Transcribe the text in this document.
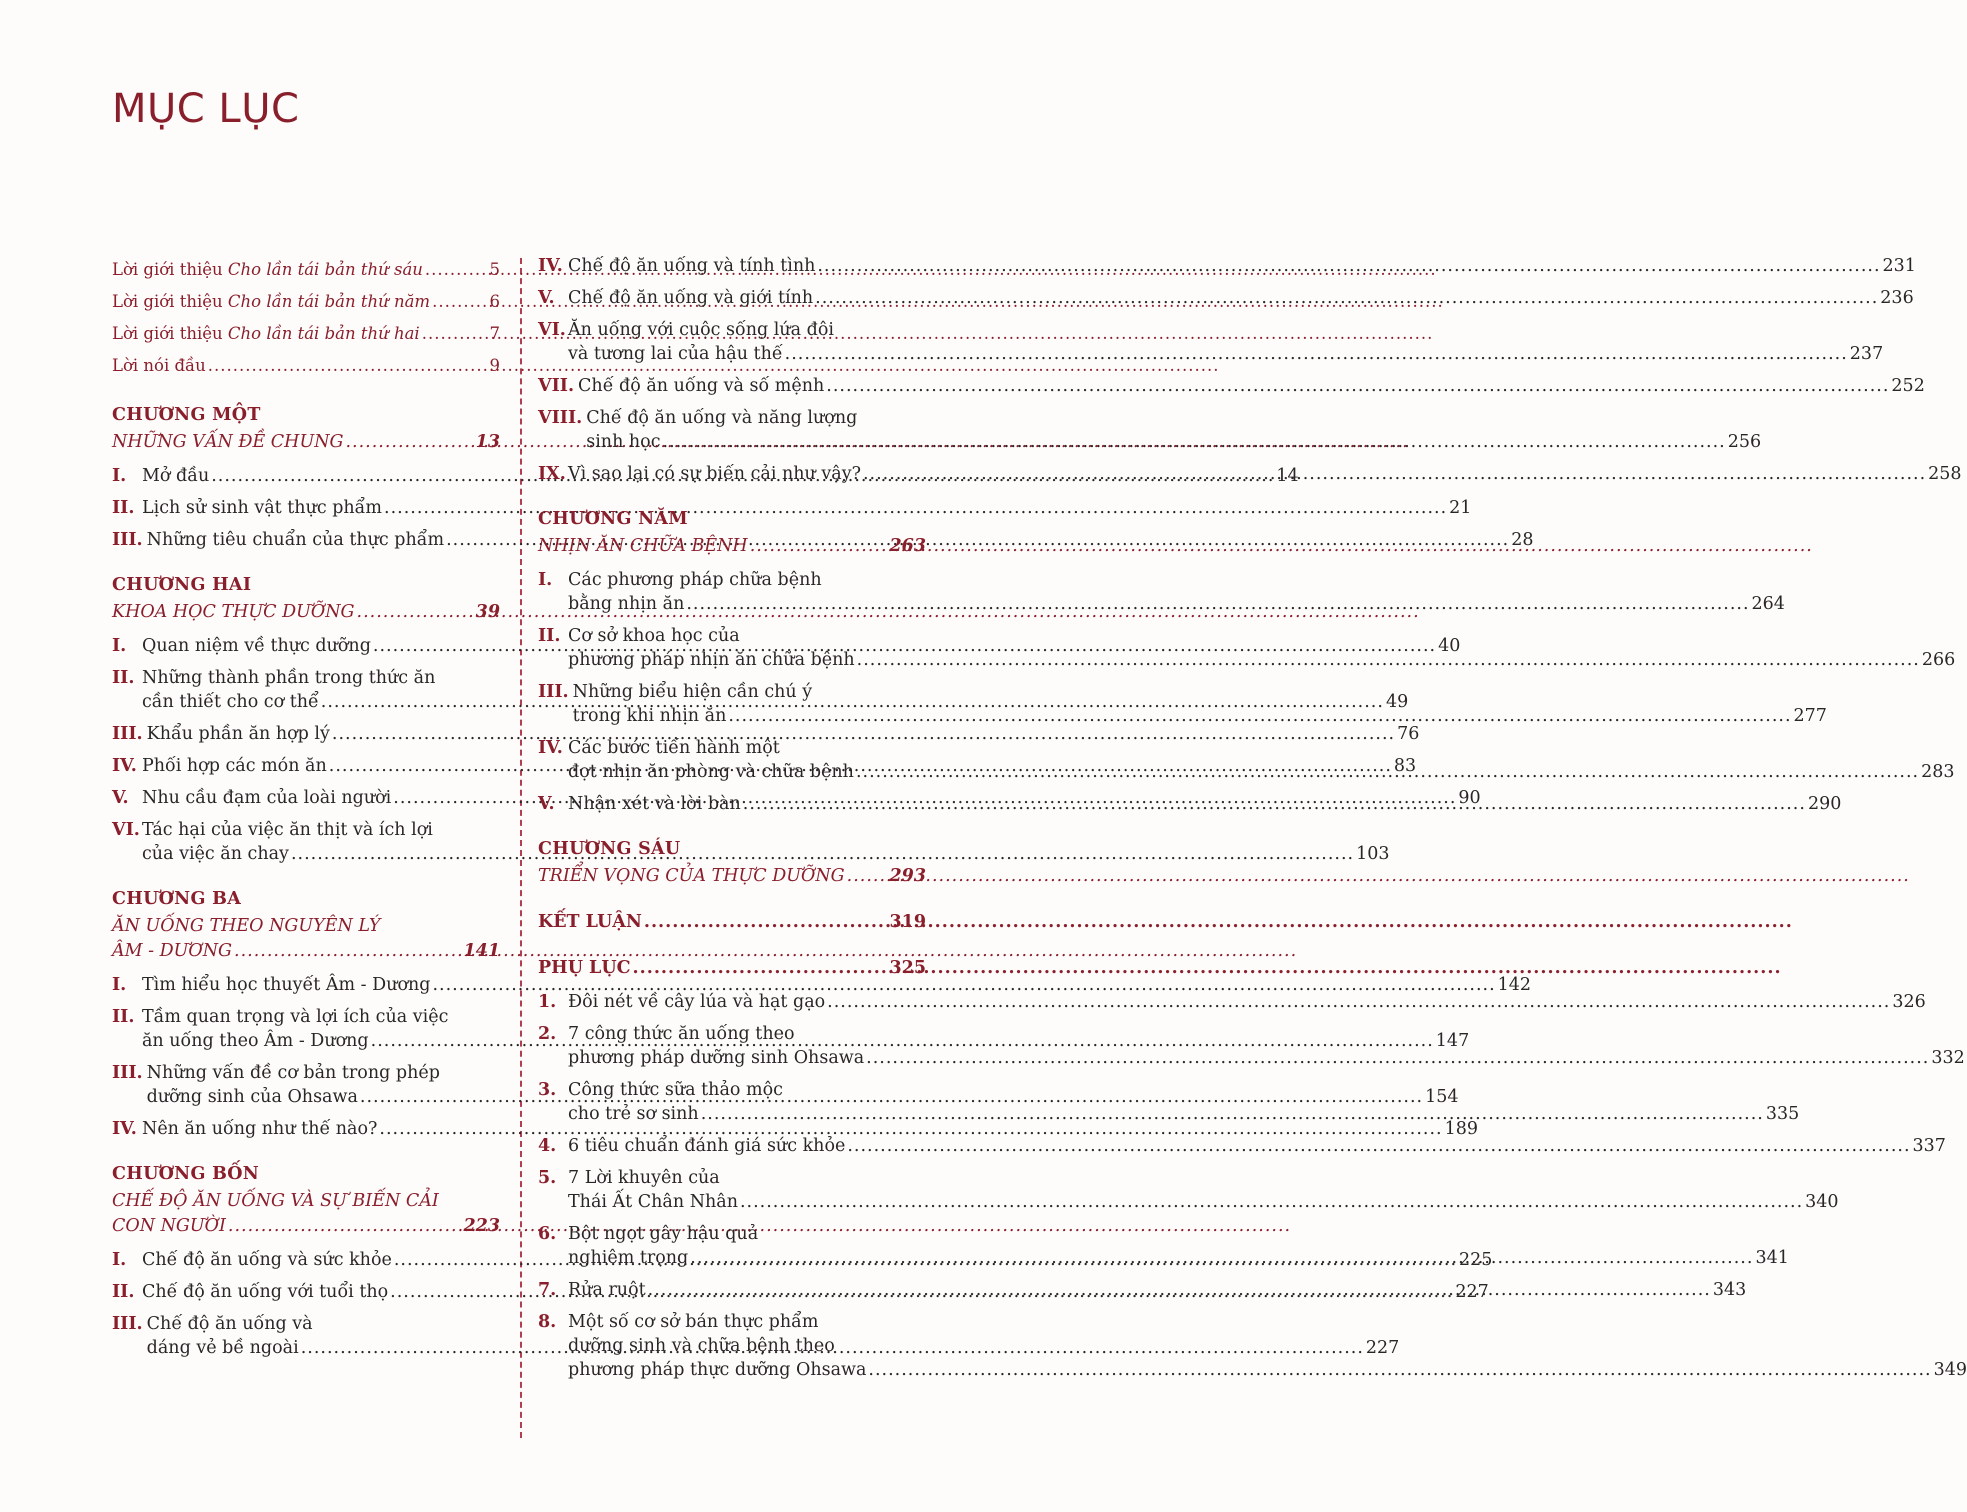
MỤC LỤC
Lời giới thiệu Cho lần tái bản thứ sáu .....	5
Lời giới thiệu Cho lần tái bản thứ năm .....	6
Lời giới thiệu Cho lần tái bản thứ hai .....	7
Lời nói đầu .....	9
CHƯƠNG MỘT
NHỮNG VẤN ĐỀ CHUNG .....	13
I. Mở đầu .....	14
II. Lịch sử sinh vật thực phẩm .....	21
III. Những tiêu chuẩn của thực phẩm .....	28
CHƯƠNG HAI
KHOA HỌC THỰC DƯỠNG .....	39
I. Quan niệm về thực dưỡng .....	40
II. Những thành phần trong thức ăn
cần thiết cho cơ thể .....	49
III. Khẩu phần ăn hợp lý .....	76
IV. Phối hợp các món ăn .....	83
V. Nhu cầu đạm của loài người .....	90
VI. Tác hại của việc ăn thịt và ích lợi
của việc ăn chay .....	103
CHƯƠNG BA
ĂN UỐNG THEO NGUYÊN LÝ
ÂM - DƯƠNG .....	141
I. Tìm hiểu học thuyết Âm - Dương .....	142
II. Tầm quan trọng và lợi ích của việc
ăn uống theo Âm - Dương .....	147
III. Những vấn đề cơ bản trong phép
dưỡng sinh của Ohsawa .....	154
IV. Nên ăn uống như thế nào? .....	189
CHƯƠNG BỐN
CHẾ ĐỘ ĂN UỐNG VÀ SỰ BIẾN CẢI
CON NGƯỜI .....	223
I. Chế độ ăn uống và sức khỏe .....	225
II. Chế độ ăn uống với tuổi thọ .....	227
III. Chế độ ăn uống và
dáng vẻ bề ngoài .....	227
IV. Chế độ ăn uống và tính tình .....	231
V. Chế độ ăn uống và giới tính .....	236
VI. Ăn uống với cuộc sống lứa đôi
và tương lai của hậu thế .....	237
VII. Chế độ ăn uống và số mệnh .....	252
VIII. Chế độ ăn uống và năng lượng
sinh học .....	256
IX. Vì sao lại có sự biến cải như vậy? .....	258
CHƯƠNG NĂM
NHỊN ĂN CHỮA BỆNH .....	263
I. Các phương pháp chữa bệnh
bằng nhịn ăn .....	264
II. Cơ sở khoa học của
phương pháp nhịn ăn chữa bệnh .....	266
III. Những biểu hiện cần chú ý
trong khi nhịn ăn .....	277
IV. Các bước tiến hành một
đợt nhịn ăn phòng và chữa bệnh .....	283
V. Nhận xét và lời bàn .....	290
CHƯƠNG SÁU
TRIỂN VỌNG CỦA THỰC DƯỠNG .....	293
KẾT LUẬN .....	319
PHỤ LỤC .....	325
1. Đôi nét về cây lúa và hạt gạo .....	326
2. 7 công thức ăn uống theo
phương pháp dưỡng sinh Ohsawa .....	332
3. Công thức sữa thảo mộc
cho trẻ sơ sinh .....	335
4. 6 tiêu chuẩn đánh giá sức khỏe .....	337
5. 7 Lời khuyên của
Thái Ất Chân Nhân .....	340
6. Bột ngọt gây hậu quả
nghiêm trọng .....	341
7. Rửa ruột .....	343
8. Một số cơ sở bán thực phẩm
dưỡng sinh và chữa bệnh theo
phương pháp thực dưỡng Ohsawa .....	349
